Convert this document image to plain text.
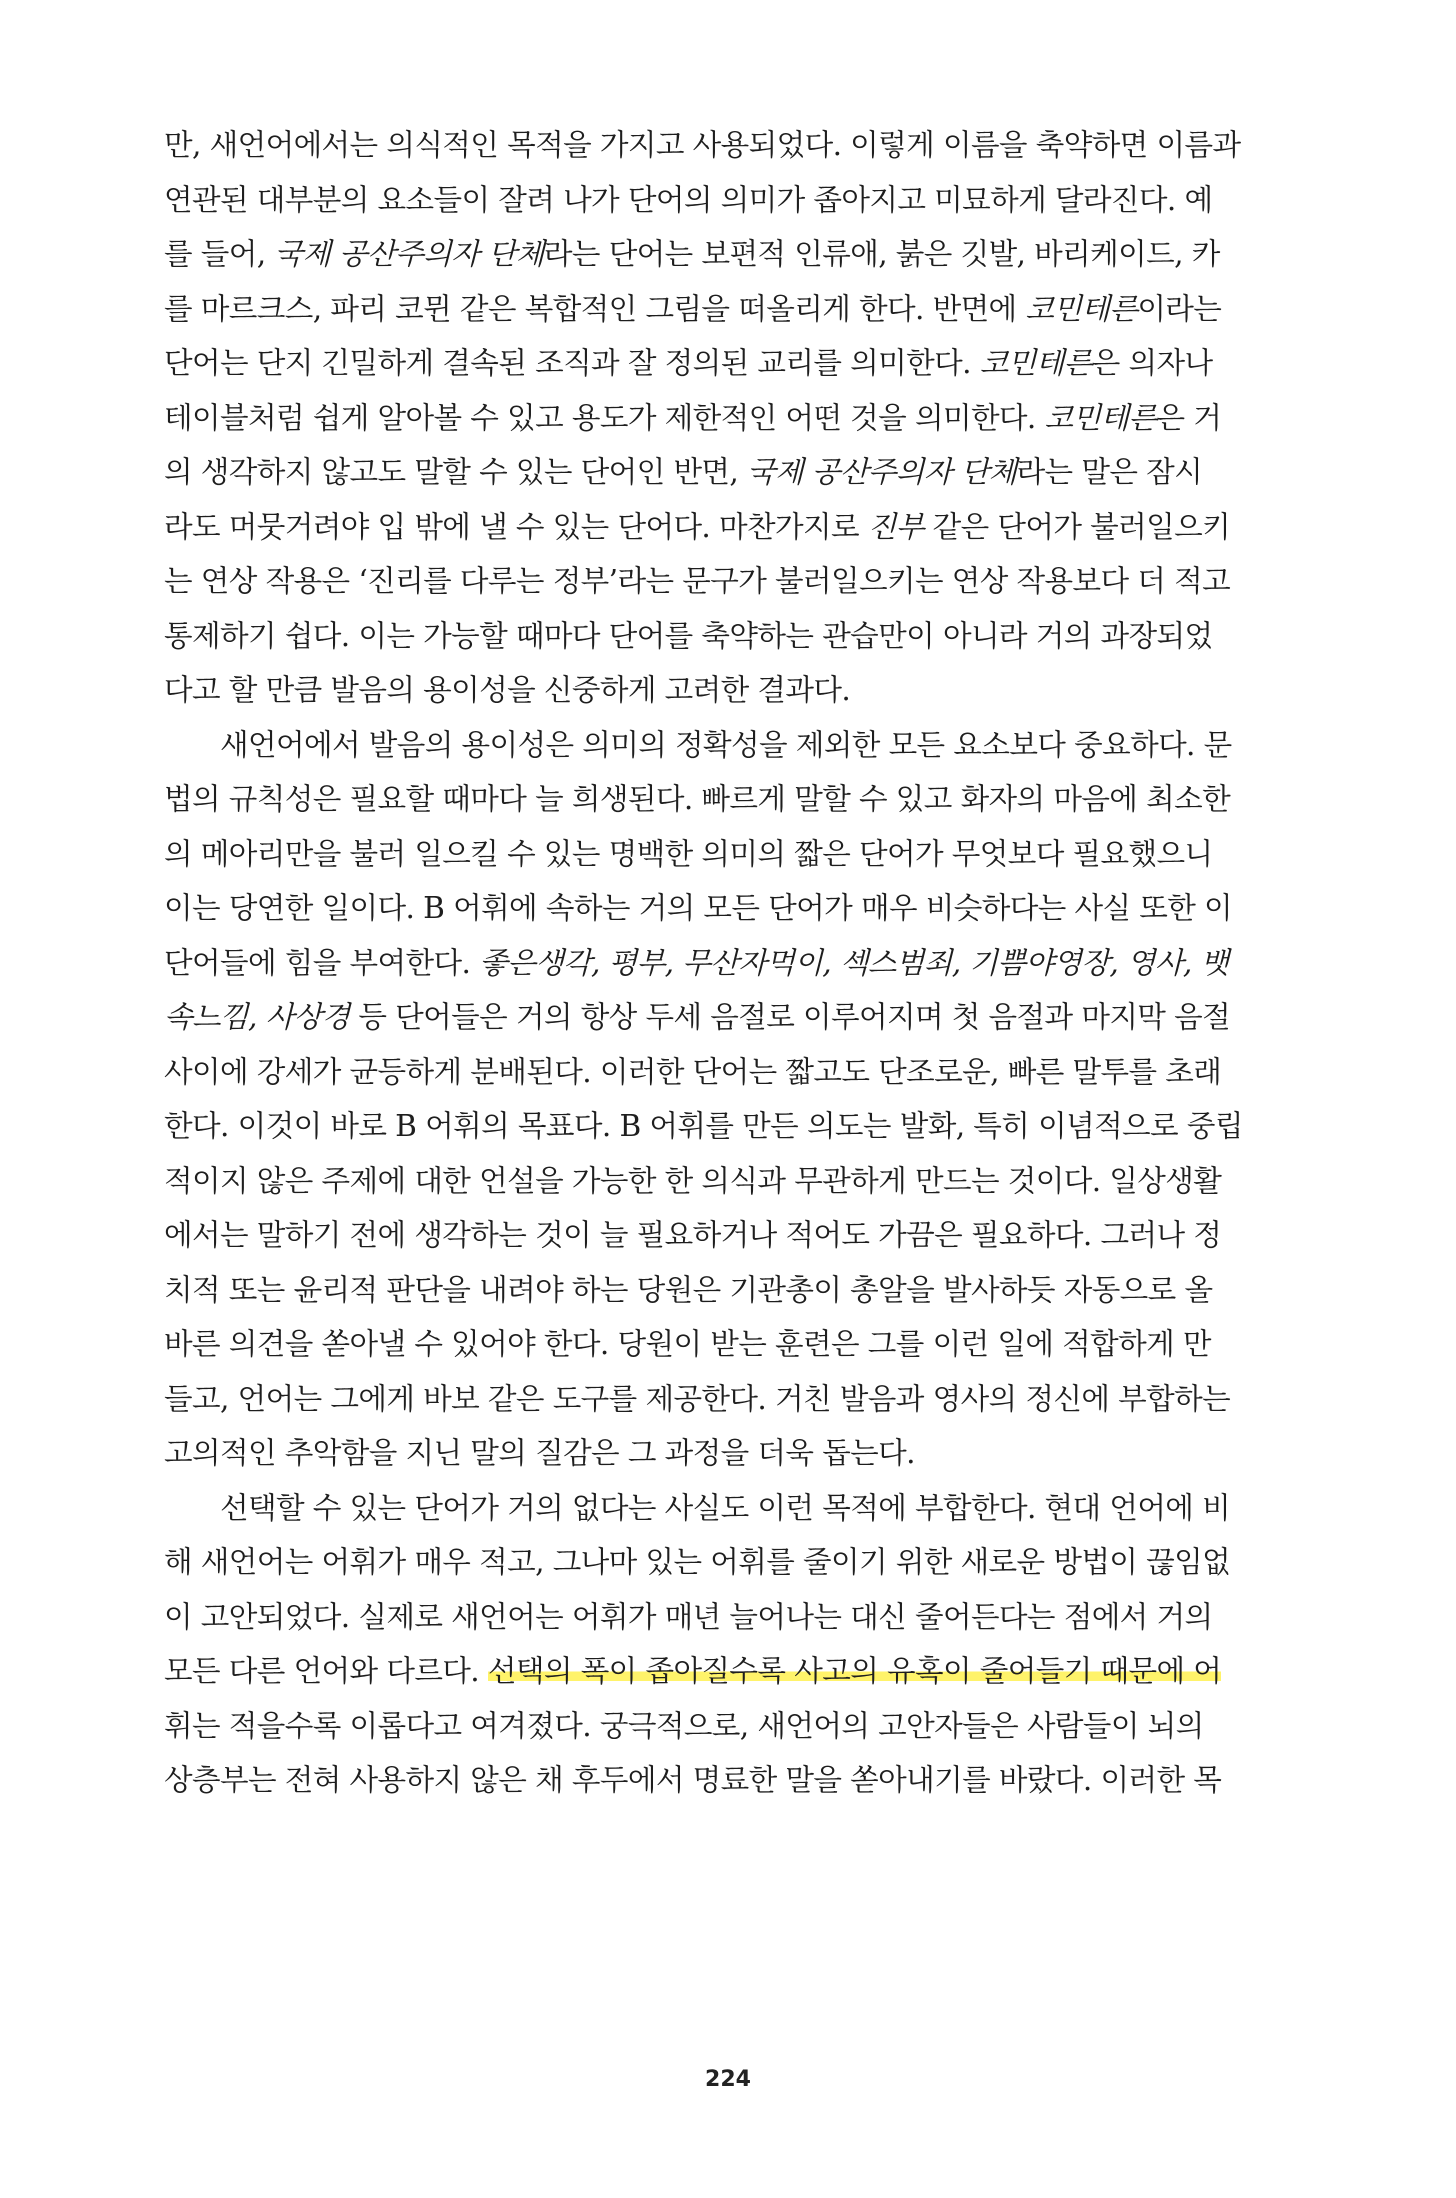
만, 새언어에서는 의식적인 목적을 가지고 사용되었다. 이렇게 이름을 축약하면 이름과
연관된 대부분의 요소들이 잘려 나가 단어의 의미가 좁아지고 미묘하게 달라진다. 예
를 들어, 국제 공산주의자 단체라는 단어는 보편적 인류애, 붉은 깃발, 바리케이드, 카
를 마르크스, 파리 코뮌 같은 복합적인 그림을 떠올리게 한다. 반면에 코민테른이라는
단어는 단지 긴밀하게 결속된 조직과 잘 정의된 교리를 의미한다. 코민테른은 의자나
테이블처럼 쉽게 알아볼 수 있고 용도가 제한적인 어떤 것을 의미한다. 코민테른은 거
의 생각하지 않고도 말할 수 있는 단어인 반면, 국제 공산주의자 단체라는 말은 잠시
라도 머뭇거려야 입 밖에 낼 수 있는 단어다. 마찬가지로 진부 같은 단어가 불러일으키
는 연상 작용은 ‘진리를 다루는 정부’라는 문구가 불러일으키는 연상 작용보다 더 적고
통제하기 쉽다. 이는 가능할 때마다 단어를 축약하는 관습만이 아니라 거의 과장되었
다고 할 만큼 발음의 용이성을 신중하게 고려한 결과다.
새언어에서 발음의 용이성은 의미의 정확성을 제외한 모든 요소보다 중요하다. 문
법의 규칙성은 필요할 때마다 늘 희생된다. 빠르게 말할 수 있고 화자의 마음에 최소한
의 메아리만을 불러 일으킬 수 있는 명백한 의미의 짧은 단어가 무엇보다 필요했으니
이는 당연한 일이다. B 어휘에 속하는 거의 모든 단어가 매우 비슷하다는 사실 또한 이
단어들에 힘을 부여한다. 좋은생각, 평부, 무산자먹이, 섹스범죄, 기쁨야영장, 영사, 뱃
속느낌, 사상경 등 단어들은 거의 항상 두세 음절로 이루어지며 첫 음절과 마지막 음절
사이에 강세가 균등하게 분배된다. 이러한 단어는 짧고도 단조로운, 빠른 말투를 초래
한다. 이것이 바로 B 어휘의 목표다. B 어휘를 만든 의도는 발화, 특히 이념적으로 중립
적이지 않은 주제에 대한 언설을 가능한 한 의식과 무관하게 만드는 것이다. 일상생활
에서는 말하기 전에 생각하는 것이 늘 필요하거나 적어도 가끔은 필요하다. 그러나 정
치적 또는 윤리적 판단을 내려야 하는 당원은 기관총이 총알을 발사하듯 자동으로 올
바른 의견을 쏟아낼 수 있어야 한다. 당원이 받는 훈련은 그를 이런 일에 적합하게 만
들고, 언어는 그에게 바보 같은 도구를 제공한다. 거친 발음과 영사의 정신에 부합하는
고의적인 추악함을 지닌 말의 질감은 그 과정을 더욱 돕는다.
선택할 수 있는 단어가 거의 없다는 사실도 이런 목적에 부합한다. 현대 언어에 비
해 새언어는 어휘가 매우 적고, 그나마 있는 어휘를 줄이기 위한 새로운 방법이 끊임없
이 고안되었다. 실제로 새언어는 어휘가 매년 늘어나는 대신 줄어든다는 점에서 거의
모든 다른 언어와 다르다. 선택의 폭이 좁아질수록 사고의 유혹이 줄어들기 때문에 어
휘는 적을수록 이롭다고 여겨졌다. 궁극적으로, 새언어의 고안자들은 사람들이 뇌의
상층부는 전혀 사용하지 않은 채 후두에서 명료한 말을 쏟아내기를 바랐다. 이러한 목
224
